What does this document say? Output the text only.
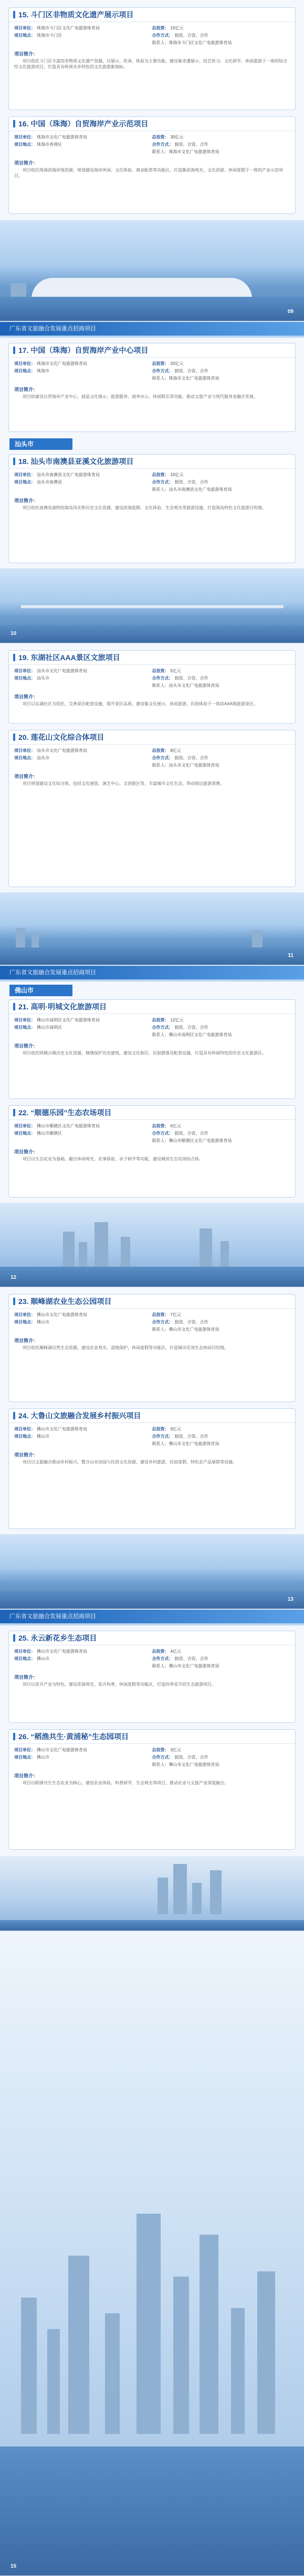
15. 斗门区非物质文化遗产展示项目
项目单位： 珠海市斗门区文化广电旅游体育局
项目地点： 珠海市斗门区
总投资： 15亿元
合作方式： 独资、合资、合作
联系人：珠海市斗门区文化广电旅游体育局
项目简介：
项目依托斗门区丰富的非物质文化遗产资源，以展示、传承、体验为主要功能，建设集非遗展示、技艺传习、文化研学、休闲旅游于一体的综合性文化旅游项目，打造具有岭南水乡特色的文化旅游新地标。
16. 中国（珠海）自贸海岸产业示范项目
项目单位： 珠海市文化广电旅游体育局
项目地点： 珠海市香洲区
总投资： 30亿元
合作方式： 独资、合资、合作
联系人：珠海市文化广电旅游体育局
项目简介：
项目依托珠海滨海岸线资源，规划建设海岸休闲、文化体验、商业配套等功能区，打造集滨海观光、文化创意、休闲度假于一体的产业示范项目。
09
广东省文旅融合发展重点招商项目
17. 中国（珠海）自贸海岸产业中心项目
项目单位： 珠海市文化广电旅游体育局
项目地点： 珠海市
总投资： 20亿元
合作方式： 独资、合资、合作
联系人：珠海市文化广电旅游体育局
项目简介：
项目拟建设自贸海岸产业中心，涵盖文化展示、旅游服务、商务办公、休闲娱乐等功能，推动文旅产业与现代服务业融合发展。
汕头市
18. 汕头市南澳县亚溪文化旅游项目
项目单位： 汕头市南澳县文化广电旅游体育局
项目地点： 汕头市南澳县
总投资： 10亿元
合作方式： 独资、合资、合作
联系人：汕头市南澳县文化广电旅游体育局
项目简介：
项目依托南澳岛独特的海岛风光和历史文化资源，建设滨海度假、文化体验、生态观光等旅游设施，打造海岛特色文化旅游目的地。
10
19. 东湖社区AAA景区文旅项目
项目单位： 汕头市文化广电旅游体育局
项目地点： 汕头市
总投资： 5亿元
合作方式： 独资、合资、合作
联系人：汕头市文化广电旅游体育局
项目简介：
项目以东湖社区为依托，完善景区配套设施，提升景区品质，建设集文化展示、休闲旅游、民俗体验于一体的AAA级旅游景区。
20. 莲花山文化综合体项目
项目单位： 汕头市文化广电旅游体育局
项目地点： 汕头市
总投资： 8亿元
合作方式： 独资、合资、合作
联系人：汕头市文化广电旅游体育局
项目简介：
项目规划建设文化综合体，包括文化展馆、演艺中心、文创街区等，丰富城市文化生活，带动周边旅游消费。
11
广东省文旅融合发展重点招商项目
佛山市
21. 高明·明城文化旅游项目
项目单位： 佛山市高明区文化广电旅游体育局
项目地点： 佛山市高明区
总投资： 12亿元
合作方式： 独资、合资、合作
联系人：佛山市高明区文化广电旅游体育局
项目简介：
项目依托明城古镇历史文化资源，修缮保护历史建筑，建设文化街区、民宿群落及配套设施，打造具有岭南特色的历史文化旅游区。
22. “顺德乐园”生态农场项目
项目单位： 佛山市顺德区文化广电旅游体育局
项目地点： 佛山市顺德区
总投资： 6亿元
合作方式： 独资、合资、合作
联系人：佛山市顺德区文化广电旅游体育局
项目简介：
项目以生态农业为基础，融合休闲观光、农事体验、亲子研学等功能，建设城郊生态农场综合体。
12
23. 顺峰湖农业生态公园项目
项目单位： 佛山市文化广电旅游体育局
项目地点： 佛山市
总投资： 7亿元
合作方式： 独资、合资、合作
联系人：佛山市文化广电旅游体育局
项目简介：
项目依托顺峰湖自然生态资源，建设农业观光、湿地保护、休闲度假等功能区，打造城市近郊生态休闲目的地。
24. 大鲁山文旅融合发展乡村振兴项目
项目单位： 佛山市文化广电旅游体育局
项目地点： 佛山市
总投资： 9亿元
合作方式： 独资、合资、合作
联系人：佛山市文化广电旅游体育局
项目简介：
项目以文旅融合推动乡村振兴，整合山水田园与民俗文化资源，建设乡村旅游、民宿度假、特色农产品展销等设施。
13
广东省文旅融合发展重点招商项目
25. 永云新花乡生态项目
项目单位： 佛山市文化广电旅游体育局
项目地点： 佛山市
总投资： 4亿元
合作方式： 独资、合资、合作
联系人：佛山市文化广电旅游体育局
项目简介：
项目以花卉产业为特色，建设花海观光、花卉科普、休闲度假等功能区，打造四季花开的生态旅游项目。
26. “稻渔共生·黄浦秘”生态园项目
项目单位： 佛山市文化广电旅游体育局
项目地点： 佛山市
总投资： 3亿元
合作方式： 独资、合资、合作
联系人：佛山市文化广电旅游体育局
项目简介：
项目以稻渔共生生态农业为核心，建设农业体验、科普研学、生态观光等项目，推动农业与文旅产业深度融合。
15
